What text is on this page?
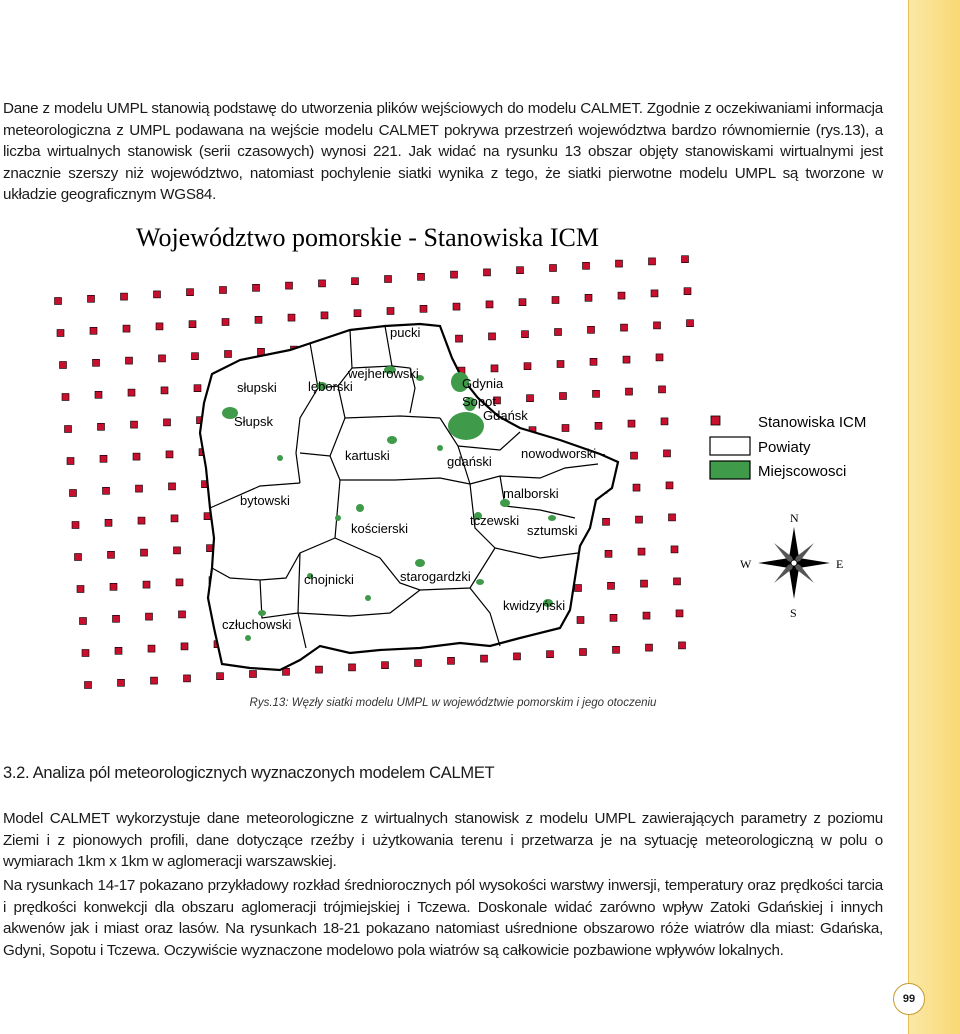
Dane z modelu UMPL stanowią podstawę do utworzenia plików wejściowych do modelu CALMET. Zgodnie z oczekiwaniami informacja meteorologiczna z UMPL podawana na wejście modelu CALMET pokrywa przestrzeń województwa bardzo równomiernie (rys.13), a liczba wirtualnych stanowisk (serii czasowych) wynosi 221. Jak widać na rysunku 13 obszar objęty stanowiskami wirtualnymi jest znacznie szerszy niż województwo, natomiast pochylenie siatki wynika z tego, że siatki pierwotne modelu UMPL są tworzone w układzie geograficznym WGS84.

Województwo pomorskie - Stanowiska ICM
pucki
wejherowski
słupski lęborski
Słupsk
Gdynia
Sopot
Gdańsk
kartuski	nowodworski
gdański
bytowski	malborski
tczewski
sztumski
kościerski
chojnicki	starogardzki
kwidzyński
człuchowski
Stanowiska ICM
Powiaty
Miejscowosci
N
S
E
W

Rys.13: Węzły siatki modelu UMPL w województwie pomorskim i jego otoczeniu

3.2. Analiza pól meteorologicznych wyznaczonych modelem CALMET

Model CALMET wykorzystuje dane meteorologiczne z wirtualnych stanowisk z modelu UMPL zawierających parametry z poziomu Ziemi i z pionowych profili, dane dotyczące rzeźby i użytkowania terenu i przetwarza je na sytuację meteorologiczną w polu o wymiarach 1km x 1km w aglomeracji warszawskiej.

Na rysunkach 14-17 pokazano przykładowy rozkład średniorocznych pól wysokości warstwy inwersji, temperatury oraz prędkości tarcia i prędkości konwekcji dla obszaru aglomeracji trójmiejskiej i Tczewa. Doskonale widać zarówno wpływ Zatoki Gdańskiej i innych akwenów jak i miast oraz lasów. Na rysunkach 18-21 pokazano natomiast uśrednione obszarowo róże wiatrów dla miast: Gdańska, Gdyni, Sopotu i Tczewa. Oczywiście wyznaczone modelowo pola wiatrów są całkowicie pozbawione wpływów lokalnych.

99
